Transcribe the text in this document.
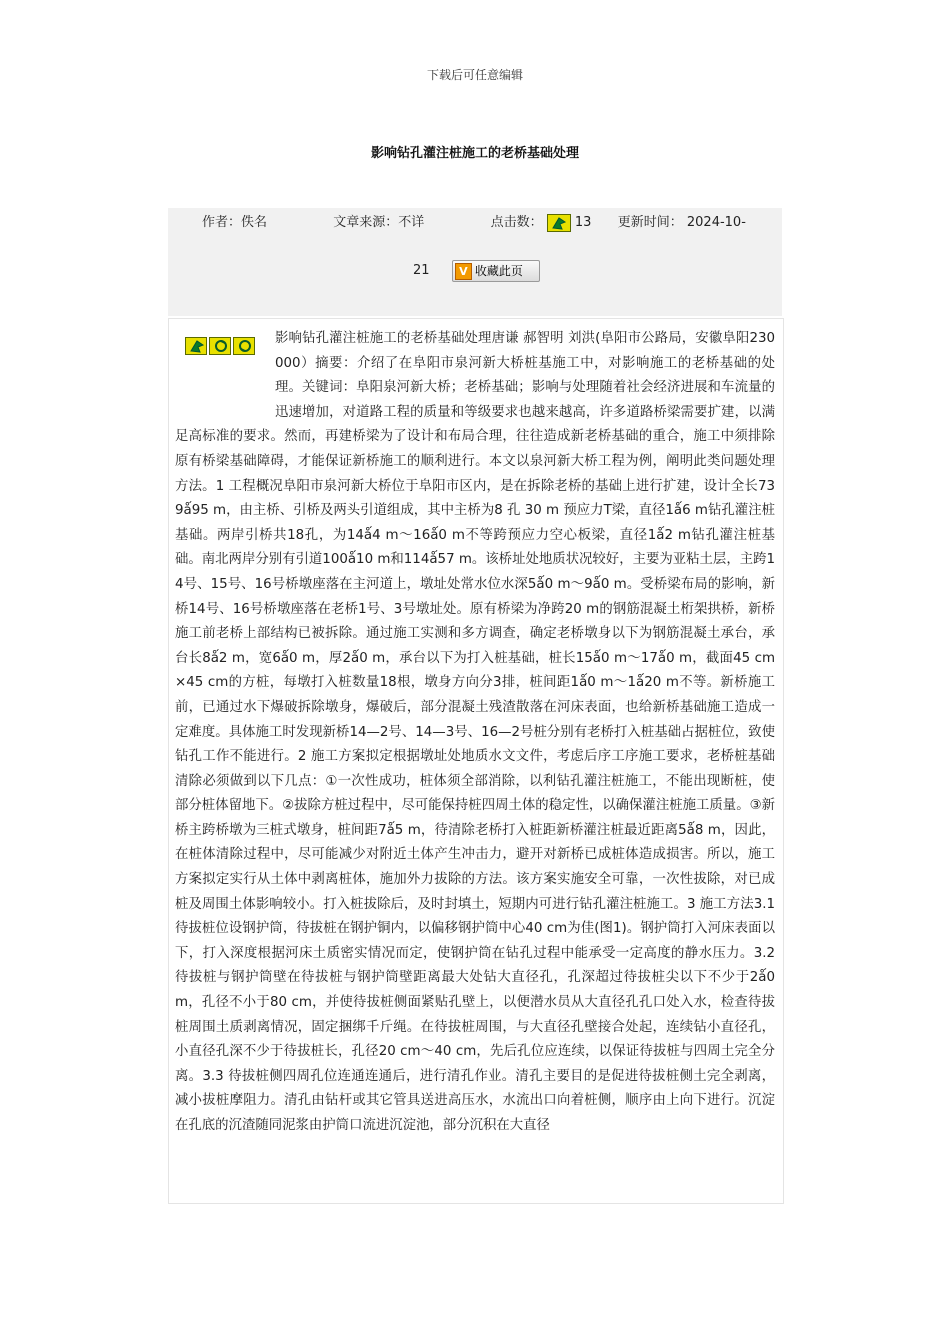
下载后可任意编辑
影响钻孔灌注桩施工的老桥基础处理
作者：佚名	文章来源：不详	点击数： 13 更新时间： 2024-10-
21	V 收藏此页
影响钻孔灌注桩施工的老桥基础处理唐谦 郝智明 刘洪(阜阳市公路局，安徽阜阳230000）摘要：介绍了在阜阳市泉河新大桥桩基施工中，对影响施工的老桥基础的处理。关键词：阜阳泉河新大桥；老桥基础；影响与处理随着社会经济进展和车流量的迅速增加，对道路工程的质量和等级要求也越来越高，许多道路桥梁需要扩建，以满足高标准的要求。然而，再建桥梁为了设计和布局合理，往往造成新老桥基础的重合，施工中须排除原有桥梁基础障碍，才能保证新桥施工的顺利进行。本文以泉河新大桥工程为例，阐明此类问题处理方法。1 工程概况阜阳市泉河新大桥位于阜阳市区内，是在拆除老桥的基础上进行扩建，设计全长739ǻ95 m，由主桥、引桥及两头引道组成，其中主桥为8 孔 30 m 预应力T梁，直径1ǻ6 m钻孔灌注桩基础。两岸引桥共18孔，为14ǻ4 m～16ǻ0 m不等跨预应力空心板梁，直径1ǻ2 m钻孔灌注桩基础。南北两岸分别有引道100ǻ10 m和114ǻ57 m。该桥址处地质状况较好，主要为亚粘土层，主跨14号、15号、16号桥墩座落在主河道上，墩址处常水位水深5ǻ0 m～9ǻ0 m。受桥梁布局的影响，新桥14号、16号桥墩座落在老桥1号、3号墩址处。原有桥梁为净跨20 m的钢筋混凝土桁架拱桥，新桥施工前老桥上部结构已被拆除。通过施工实测和多方调查，确定老桥墩身以下为钢筋混凝土承台，承台长8ǻ2 m，宽6ǻ0 m，厚2ǻ0 m，承台以下为打入桩基础，桩长15ǻ0 m～17ǻ0 m，截面45 cm×45 cm的方桩，每墩打入桩数量18根，墩身方向分3排，桩间距1ǻ0 m～1ǻ20 m不等。新桥施工前，已通过水下爆破拆除墩身，爆破后，部分混凝土残渣散落在河床表面，也给新桥基础施工造成一定难度。具体施工时发现新桥14—2号、14—3号、16—2号桩分别有老桥打入桩基础占据桩位，致使钻孔工作不能进行。2 施工方案拟定根据墩址处地质水文文件，考虑后序工序施工要求，老桥桩基础清除必须做到以下几点：①一次性成功，桩体须全部消除，以利钻孔灌注桩施工，不能出现断桩，使部分桩体留地下。②拔除方桩过程中，尽可能保持桩四周土体的稳定性，以确保灌注桩施工质量。③新桥主跨桥墩为三桩式墩身，桩间距7ǻ5 m，待清除老桥打入桩距新桥灌注桩最近距离5ǻ8 m，因此，在桩体清除过程中，尽可能减少对附近土体产生冲击力，避开对新桥已成桩体造成损害。所以，施工方案拟定实行从土体中剥离桩体，施加外力拔除的方法。该方案实施安全可靠，一次性拔除，对已成桩及周围土体影响较小。打入桩拔除后，及时封填土，短期内可进行钻孔灌注桩施工。3 施工方法3.1 待拔桩位设钢护筒，待拔桩在钢护铜内，以偏移钢护筒中心40 cm为佳(图1)。钢护筒打入河床表面以下，打入深度根据河床土质密实情况而定，使钢护筒在钻孔过程中能承受一定高度的静水压力。3.2 待拔桩与钢护筒壁在待拔桩与钢护筒壁距离最大处钻大直径孔，孔深超过待拔桩尖以下不少于2ǻ0 m，孔径不小于80 cm，并使待拔桩侧面紧贴孔壁上，以便潜水员从大直径孔孔口处入水，检查待拔桩周围土质剥离情况，固定捆绑千斤绳。在待拔桩周围，与大直径孔壁接合处起，连续钻小直径孔，小直径孔深不少于待拔桩长，孔径20 cm～40 cm，先后孔位应连续，以保证待拔桩与四周土完全分离。3.3 待拔桩侧四周孔位连通连通后，进行清孔作业。清孔主要目的是促进待拔桩侧土完全剥离，减小拔桩摩阻力。清孔由钻杆或其它管具送进高压水，水流出口向着桩侧，顺序由上向下进行。沉淀在孔底的沉渣随同泥浆由护筒口流进沉淀池，部分沉积在大直径
